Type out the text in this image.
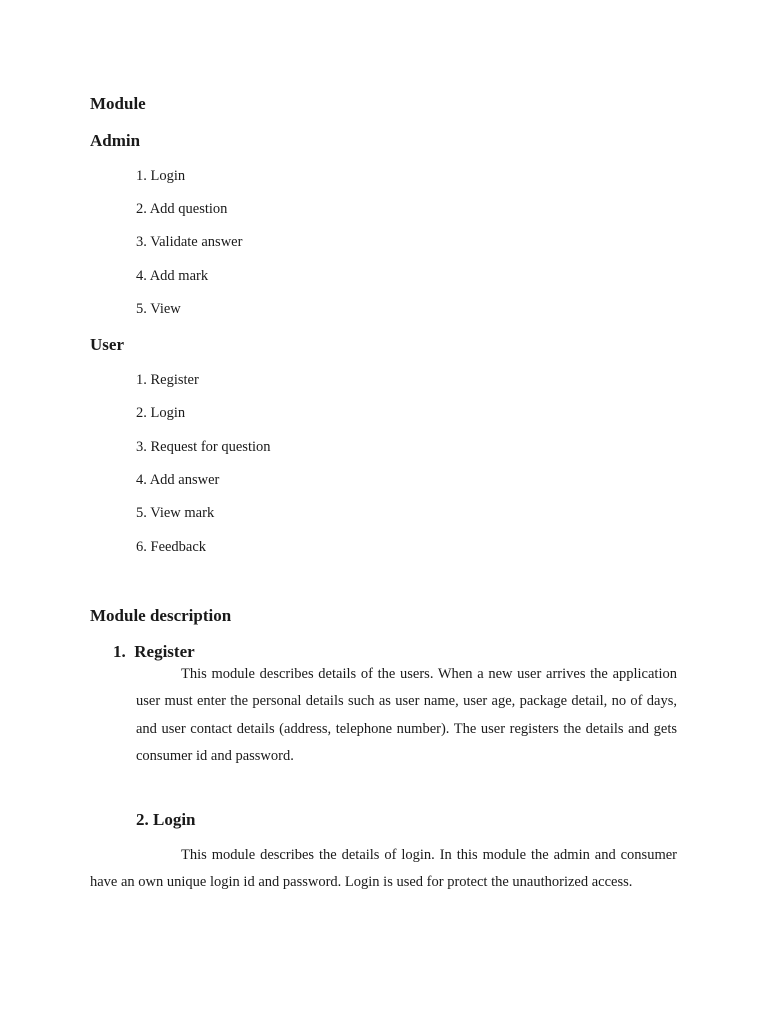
Module
Admin
1. Login
2. Add question
3. Validate answer
4. Add mark
5. View
User
1. Register
2. Login
3. Request for question
4. Add answer
5. View mark
6. Feedback
Module description
1.  Register
This module describes details of the users. When a new user arrives the application user must enter the personal details such as user name, user age, package detail, no of days, and user contact details (address, telephone number). The user registers the details and gets consumer id and password.
2. Login
This module describes the details of login. In this module the admin and consumer have an own unique login id and password. Login is used for protect the unauthorized access.
